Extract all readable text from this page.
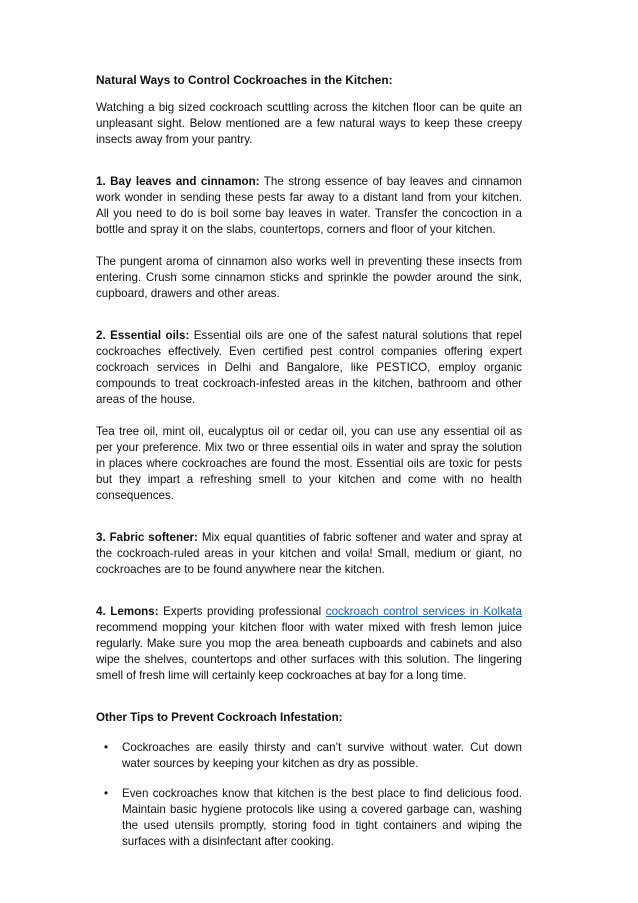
Natural Ways to Control Cockroaches in the Kitchen:

Watching a big sized cockroach scuttling across the kitchen floor can be quite an unpleasant sight. Below mentioned are a few natural ways to keep these creepy insects away from your pantry.

1. Bay leaves and cinnamon: The strong essence of bay leaves and cinnamon work wonder in sending these pests far away to a distant land from your kitchen. All you need to do is boil some bay leaves in water. Transfer the concoction in a bottle and spray it on the slabs, countertops, corners and floor of your kitchen.

The pungent aroma of cinnamon also works well in preventing these insects from entering. Crush some cinnamon sticks and sprinkle the powder around the sink, cupboard, drawers and other areas.

2. Essential oils: Essential oils are one of the safest natural solutions that repel cockroaches effectively. Even certified pest control companies offering expert cockroach services in Delhi and Bangalore, like PESTICO, employ organic compounds to treat cockroach-infested areas in the kitchen, bathroom and other areas of the house.

Tea tree oil, mint oil, eucalyptus oil or cedar oil, you can use any essential oil as per your preference. Mix two or three essential oils in water and spray the solution in places where cockroaches are found the most. Essential oils are toxic for pests but they impart a refreshing smell to your kitchen and come with no health consequences.

3. Fabric softener: Mix equal quantities of fabric softener and water and spray at the cockroach-ruled areas in your kitchen and voila! Small, medium or giant, no cockroaches are to be found anywhere near the kitchen.

4. Lemons: Experts providing professional cockroach control services in Kolkata recommend mopping your kitchen floor with water mixed with fresh lemon juice regularly. Make sure you mop the area beneath cupboards and cabinets and also wipe the shelves, countertops and other surfaces with this solution. The lingering smell of fresh lime will certainly keep cockroaches at bay for a long time.

Other Tips to Prevent Cockroach Infestation:

• Cockroaches are easily thirsty and can’t survive without water. Cut down water sources by keeping your kitchen as dry as possible.
• Even cockroaches know that kitchen is the best place to find delicious food. Maintain basic hygiene protocols like using a covered garbage can, washing the used utensils promptly, storing food in tight containers and wiping the surfaces with a disinfectant after cooking.
